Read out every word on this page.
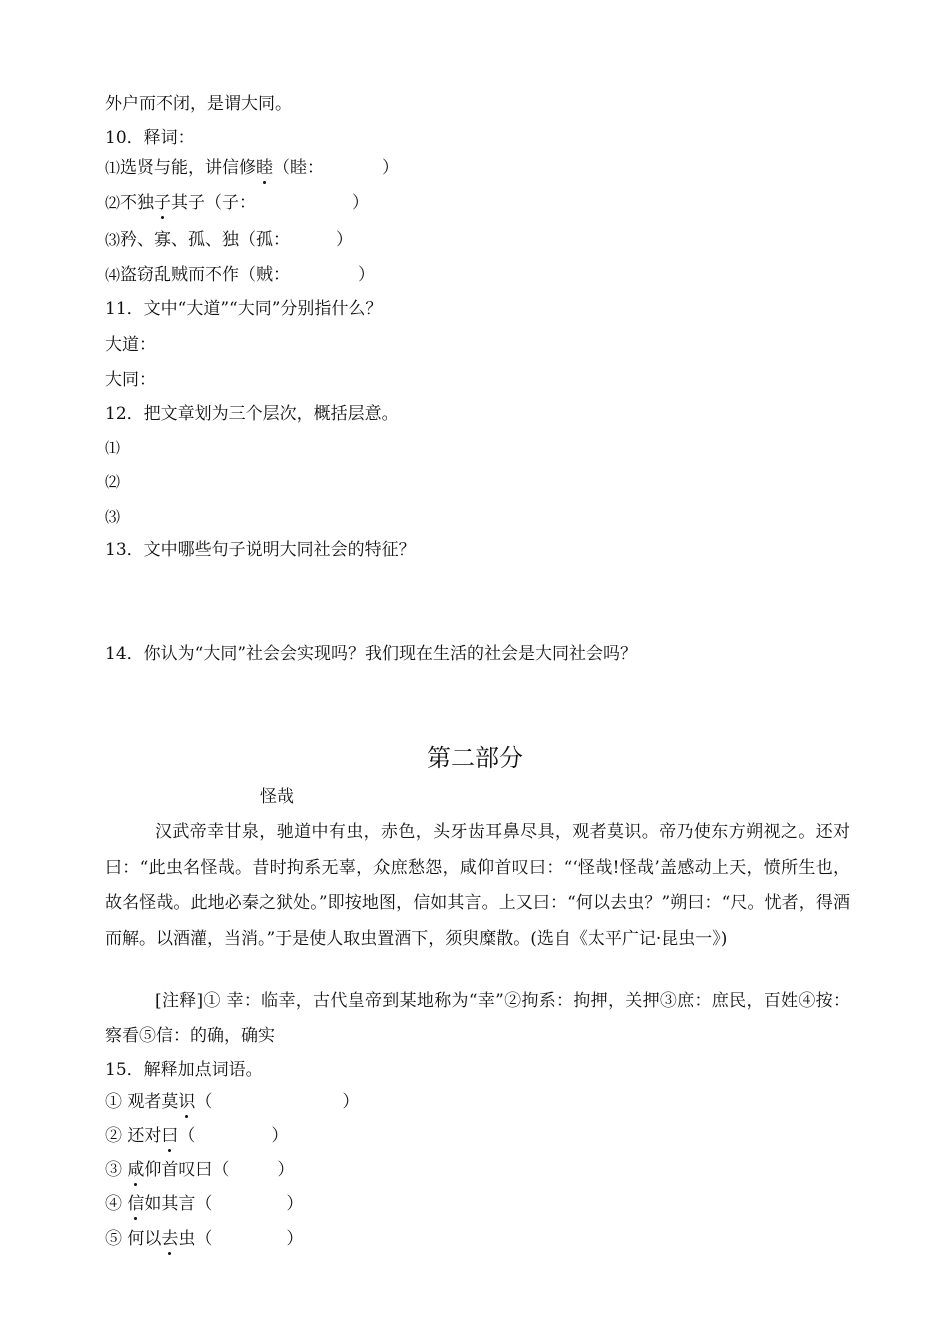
外户而不闭，是谓大同。
10．释词：
⑴选贤与能，讲信修睦（睦：	）
⑵不独子其子（子：	）
⑶矜、寡、孤、独（孤：	）
⑷盗窃乱贼而不作（贼：	）
11．文中“大道”“大同”分别指什么？
大道：
大同：
12．把文章划为三个层次，概括层意。
⑴
⑵
⑶
13．文中哪些句子说明大同社会的特征？
14．你认为“大同”社会会实现吗？我们现在生活的社会是大同社会吗？
第二部分
怪哉
汉武帝幸甘泉，驰道中有虫，赤色，头牙齿耳鼻尽具，观者莫识。帝乃使东方朔视之。还对曰：“此虫名怪哉。昔时拘系无辜，众庶愁怨，咸仰首叹曰：“‘怪哉!怪哉’盖感动上天，愤所生也，故名怪哉。此地必秦之狱处。”即按地图，信如其言。上又曰：“何以去虫？”朔曰：“尺。忧者，得酒而解。以酒灌，当消。”于是使人取虫置酒下，须臾糜散。(选自《太平广记·昆虫一》)
[注释]① 幸：临幸，古代皇帝到某地称为“幸”②拘系：拘押，关押③庶：庶民，百姓④按：察看⑤信：的确，确实
15．解释加点词语。
① 观者莫识（	）
② 还对曰（	）
③ 咸仰首叹曰（	）
④ 信如其言（	）
⑤ 何以去虫（	）
